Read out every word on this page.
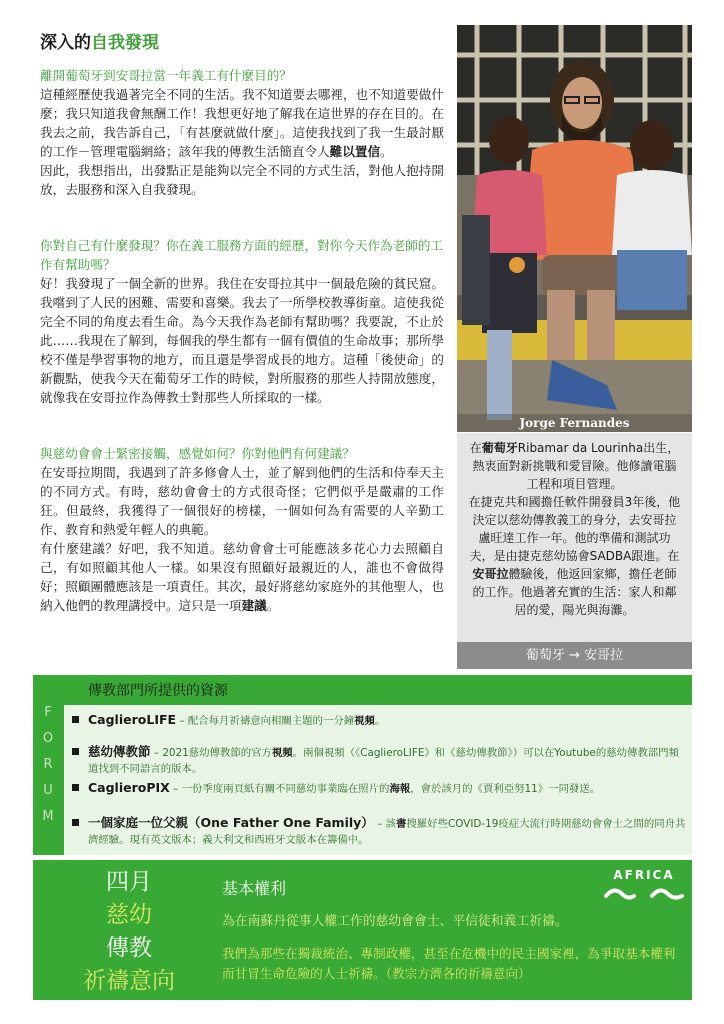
深入的自我發現

離開葡萄牙到安哥拉當一年義工有什麼目的？

這種經歷使我過著完全不同的生活。我不知道要去哪裡，也不知道要做什麼；我只知道我會無酬工作！我想更好地了解我在這世界的存在目的。在我去之前，我告訴自己，「有甚麼就做什麼」。這使我找到了我一生最討厭的工作－管理電腦網絡；該年我的傳教生活簡直令人難以置信。

因此，我想指出，出發點正是能夠以完全不同的方式生活，對他人抱持開放，去服務和深入自我發現。

你對自己有什麼發現？你在義工服務方面的經歷，對你今天作為老師的工作有幫助嗎？

好！我發現了一個全新的世界。我住在安哥拉其中一個最危險的貧民窟。我嚐到了人民的困難、需要和喜樂。我去了一所學校教導街童。這使我從完全不同的角度去看生命。為今天我作為老師有幫助嗎？我要說，不止於此……我現在了解到，每個我的學生都有一個有價值的生命故事；那所學校不僅是學習事物的地方，而且還是學習成長的地方。這種「後使命」的新觀點，使我今天在葡萄牙工作的時候，對所服務的那些人持開放態度，就像我在安哥拉作為傳教士對那些人所採取的一樣。

與慈幼會會士緊密接觸，感覺如何？你對他們有何建議？

在安哥拉期間，我遇到了許多修會人士，並了解到他們的生活和侍奉天主的不同方式。有時，慈幼會會士的方式很奇怪；它們似乎是嚴肅的工作狂。但最終，我獲得了一個很好的榜樣，一個如何為有需要的人辛勤工作、教育和熱愛年輕人的典範。

有什麼建議？好吧，我不知道。慈幼會會士可能應該多花心力去照顧自己，有如照顧其他人一樣。如果沒有照顧好最親近的人，誰也不會做得好；照顧團體應該是一項責任。其次，最好將慈幼家庭外的其他聖人，也納入他們的教理講授中。這只是一項建議。

Jorge Fernandes

在葡萄牙Ribamar da Lourinha出生，熱衷面對新挑戰和愛冒險。他修讀電腦工程和項目管理。

在捷克共和國擔任軟件開發員3年後，他決定以慈幼傳教義工的身分，去安哥拉盧旺達工作一年。他的準備和測試功夫，是由捷克慈幼協會SADBA跟進。在安哥拉體驗後，他返回家鄉，擔任老師的工作。他過著充實的生活：家人和鄰居的愛，陽光與海灘。

葡萄牙 → 安哥拉
傳教部門所提供的資源
F
O
R
U
M
CaglieroLIFE – 配合每月祈禱意向相關主題的一分鐘視頻。
慈幼傳教節 – 2021慈幼傳教節的官方視頻。兩個視頻（《CaglieroLIFE》和《慈幼傳教節》）可以在Youtube的慈幼傳教部門頻道找到不同語言的版本。
CaglieroPIX – 一份季度兩頁紙有關不同慈幼事業臨在照片的海報，會於該月的《賈利亞努11》一同發送。
一個家庭一位父親（One Father One Family） – 該書搜羅好些COVID-19疫症大流行時期慈幼會會士之間的同舟共濟經驗。現有英文版本；義大利文和西班牙文版本在籌備中。
四月
慈幼
傳教
祈禱意向
AFRICA
基本權利
為在南蘇丹從事人權工作的慈幼會會士、平信徒和義工祈禱。
我們為那些在獨裁統治、專制政權，甚至在危機中的民主國家裡，為爭取基本權利而甘冒生命危險的人士祈禱。（教宗方濟各的祈禱意向）
